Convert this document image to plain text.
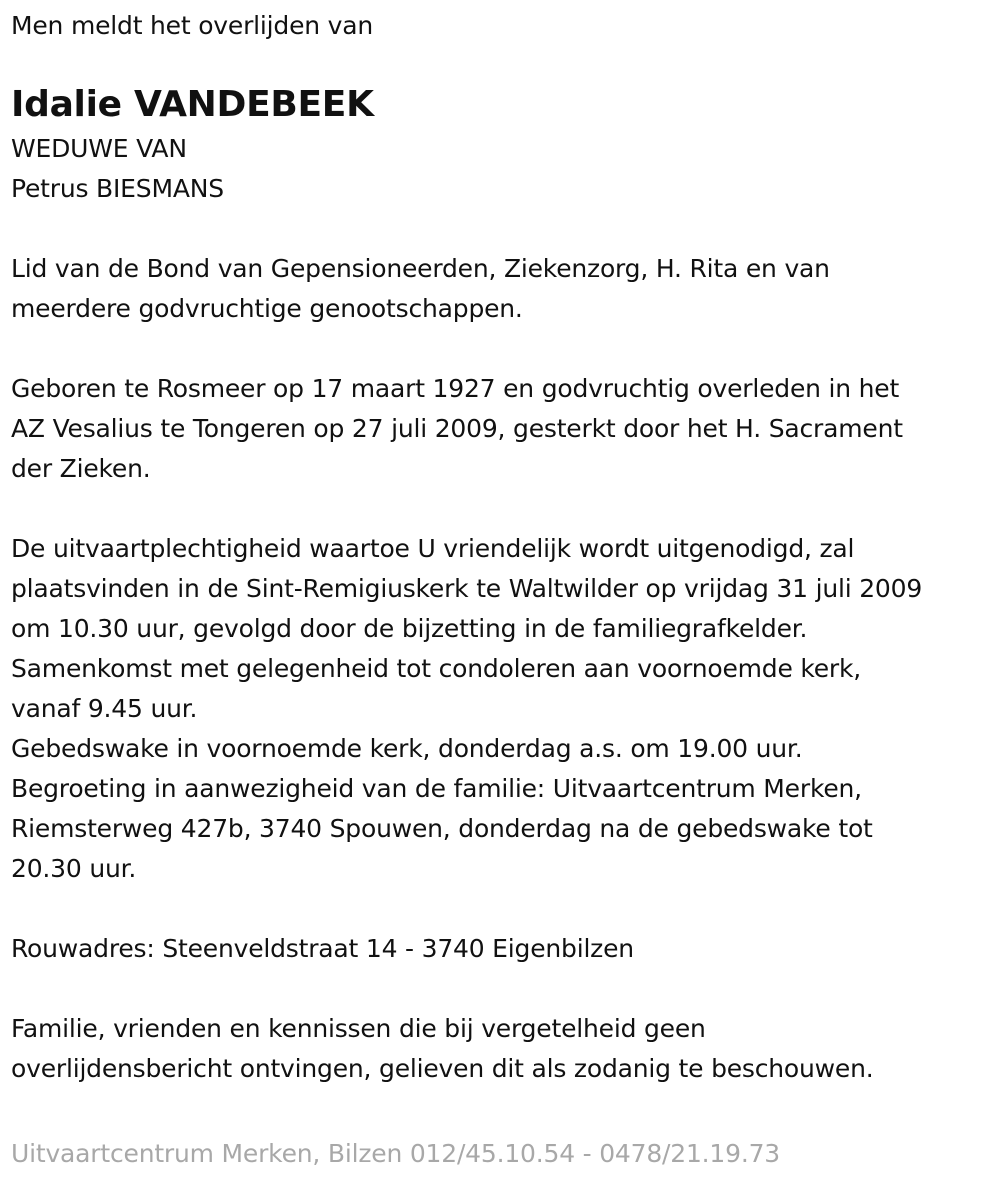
Men meldt het overlijden van
Idalie VANDEBEEK
WEDUWE VAN
Petrus BIESMANS
Lid van de Bond van Gepensioneerden, Ziekenzorg, H. Rita en van
meerdere godvruchtige genootschappen.
Geboren te Rosmeer op 17 maart 1927 en godvruchtig overleden in het
AZ Vesalius te Tongeren op 27 juli 2009, gesterkt door het H. Sacrament
der Zieken.
De uitvaartplechtigheid waartoe U vriendelijk wordt uitgenodigd, zal
plaatsvinden in de Sint-Remigiuskerk te Waltwilder op vrijdag 31 juli 2009
om 10.30 uur, gevolgd door de bijzetting in de familiegrafkelder.
Samenkomst met gelegenheid tot condoleren aan voornoemde kerk,
vanaf 9.45 uur.
Gebedswake in voornoemde kerk, donderdag a.s. om 19.00 uur.
Begroeting in aanwezigheid van de familie: Uitvaartcentrum Merken,
Riemsterweg 427b, 3740 Spouwen, donderdag na de gebedswake tot
20.30 uur.
Rouwadres: Steenveldstraat 14 - 3740 Eigenbilzen
Familie, vrienden en kennissen die bij vergetelheid geen
overlijdensbericht ontvingen, gelieven dit als zodanig te beschouwen.
Uitvaartcentrum Merken, Bilzen 012/45.10.54 - 0478/21.19.73
